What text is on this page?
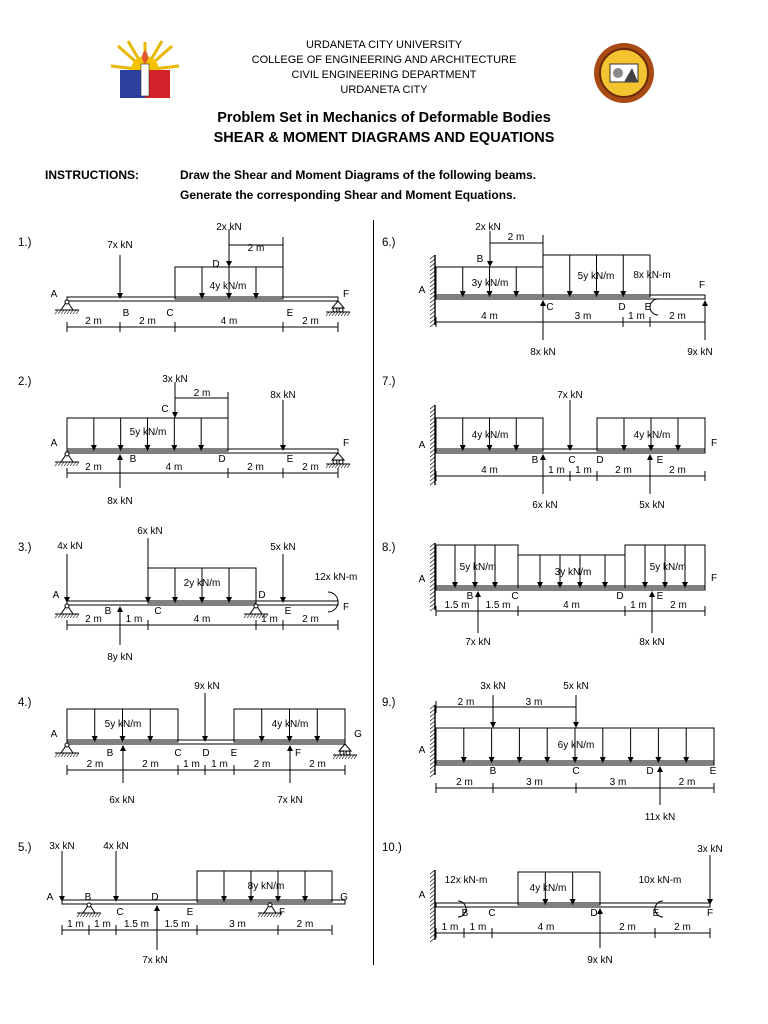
URDANETA CITY UNIVERSITY
COLLEGE OF ENGINEERING AND ARCHITECTURE
CIVIL ENGINEERING DEPARTMENT
URDANETA CITY
Problem Set in Mechanics of Deformable Bodies
SHEAR & MOMENT DIAGRAMS AND EQUATIONS
INSTRUCTIONS:	Draw the Shear and Moment Diagrams of the following beams.
Generate the corresponding Shear and Moment Equations.
1.)
2.)
3.)
4.)
5.)
6.)
7.)
8.)
9.)
10.)
7x kN
4y kN/m
2x kN
D
2 m
A	F
B	C	E
2 m	2 m	4 m	2 m
5y kN/m
3x kN
C
2 m	8x kN
8x kN
A	F
B	D	E
2 m	4 m	2 m	2 m
4x kN
6x kN
2y kN/m
5x kN
12x kN-m
8y kN
A	D
F
B	C	E
2 m 1 m	4 m	1 m 2 m
5y kN/m	4y kN/m
9x kN
6x kN	7x kN
A	G
B	C D E	F
2 m	2 m 1 m 1 m	2 m	2 m
3x kN	4x kN
8y kN/m
7x kN
A	G
B
C
D
E	F
1 m 1 m 1.5 m 1.5 m	3 m	2 m
3y kN/m
5y kN/m
2x kN
B
2 m
8x kN-m
8x kN	9x kN
A	F
C	D E
4 m	3 m	1 m 2 m
4y kN/m	4y kN/m
7x kN
6x kN	5x kN
A	F
B	C D	E
4 m	1 m 1 m 2 m	2 m
5y kN/m	3y kN/m	5y kN/m
7x kN	8x kN
A	F
B	C	D	E
1.5 m 1.5 m	4 m	1 m 2 m
6y kN/m
3x kN	5x kN
2 m	3 m
11x kN
A
B	C	D	E
2 m	3 m	3 m	2 m
4y kN/m
12x kN-m	10x kN-m
3x kN
9x kN
A
B C	D	E	F
1 m 1 m	4 m	2 m	2 m
